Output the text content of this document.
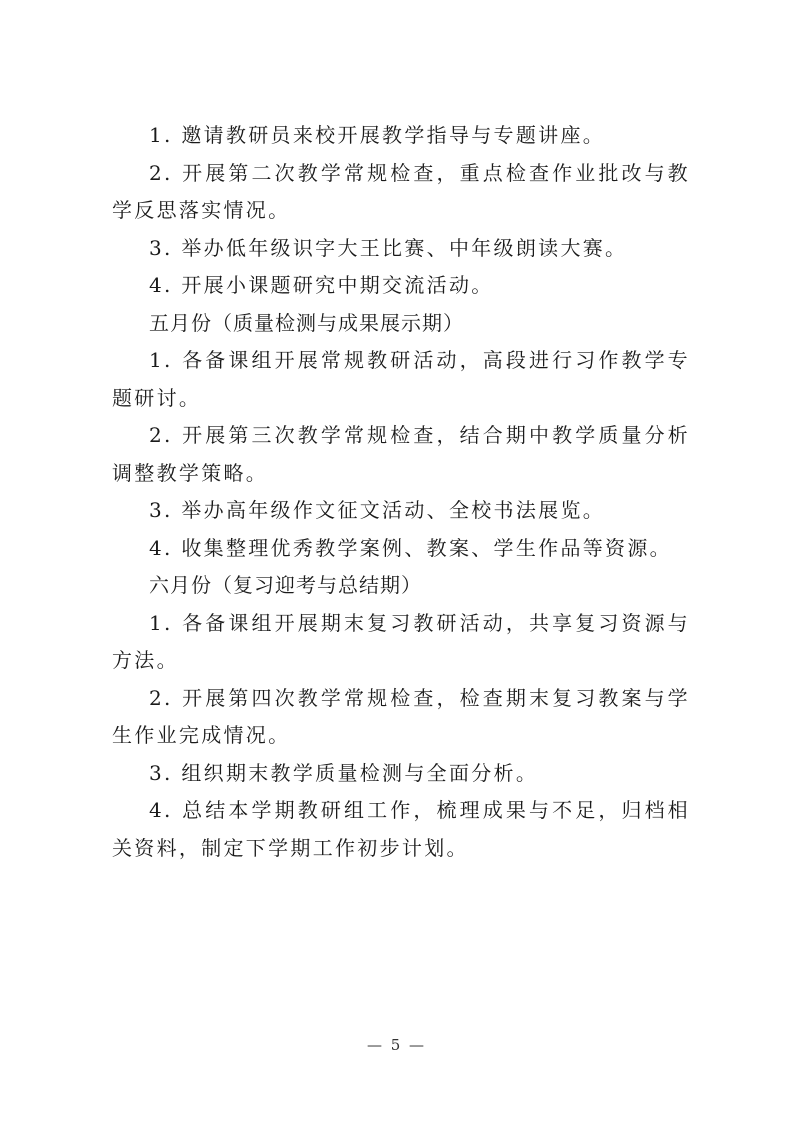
1. 邀请教研员来校开展教学指导与专题讲座。

2. 开展第二次教学常规检查，重点检查作业批改与教学反思落实情况。

3. 举办低年级识字大王比赛、中年级朗读大赛。

4. 开展小课题研究中期交流活动。

五月份（质量检测与成果展示期）

1. 各备课组开展常规教研活动，高段进行习作教学专题研讨。

2. 开展第三次教学常规检查，结合期中教学质量分析调整教学策略。

3. 举办高年级作文征文活动、全校书法展览。

4. 收集整理优秀教学案例、教案、学生作品等资源。

六月份（复习迎考与总结期）

1. 各备课组开展期末复习教研活动，共享复习资源与方法。

2. 开展第四次教学常规检查，检查期末复习教案与学生作业完成情况。

3. 组织期末教学质量检测与全面分析。

4. 总结本学期教研组工作，梳理成果与不足，归档相关资料，制定下学期工作初步计划。

— 5 —
